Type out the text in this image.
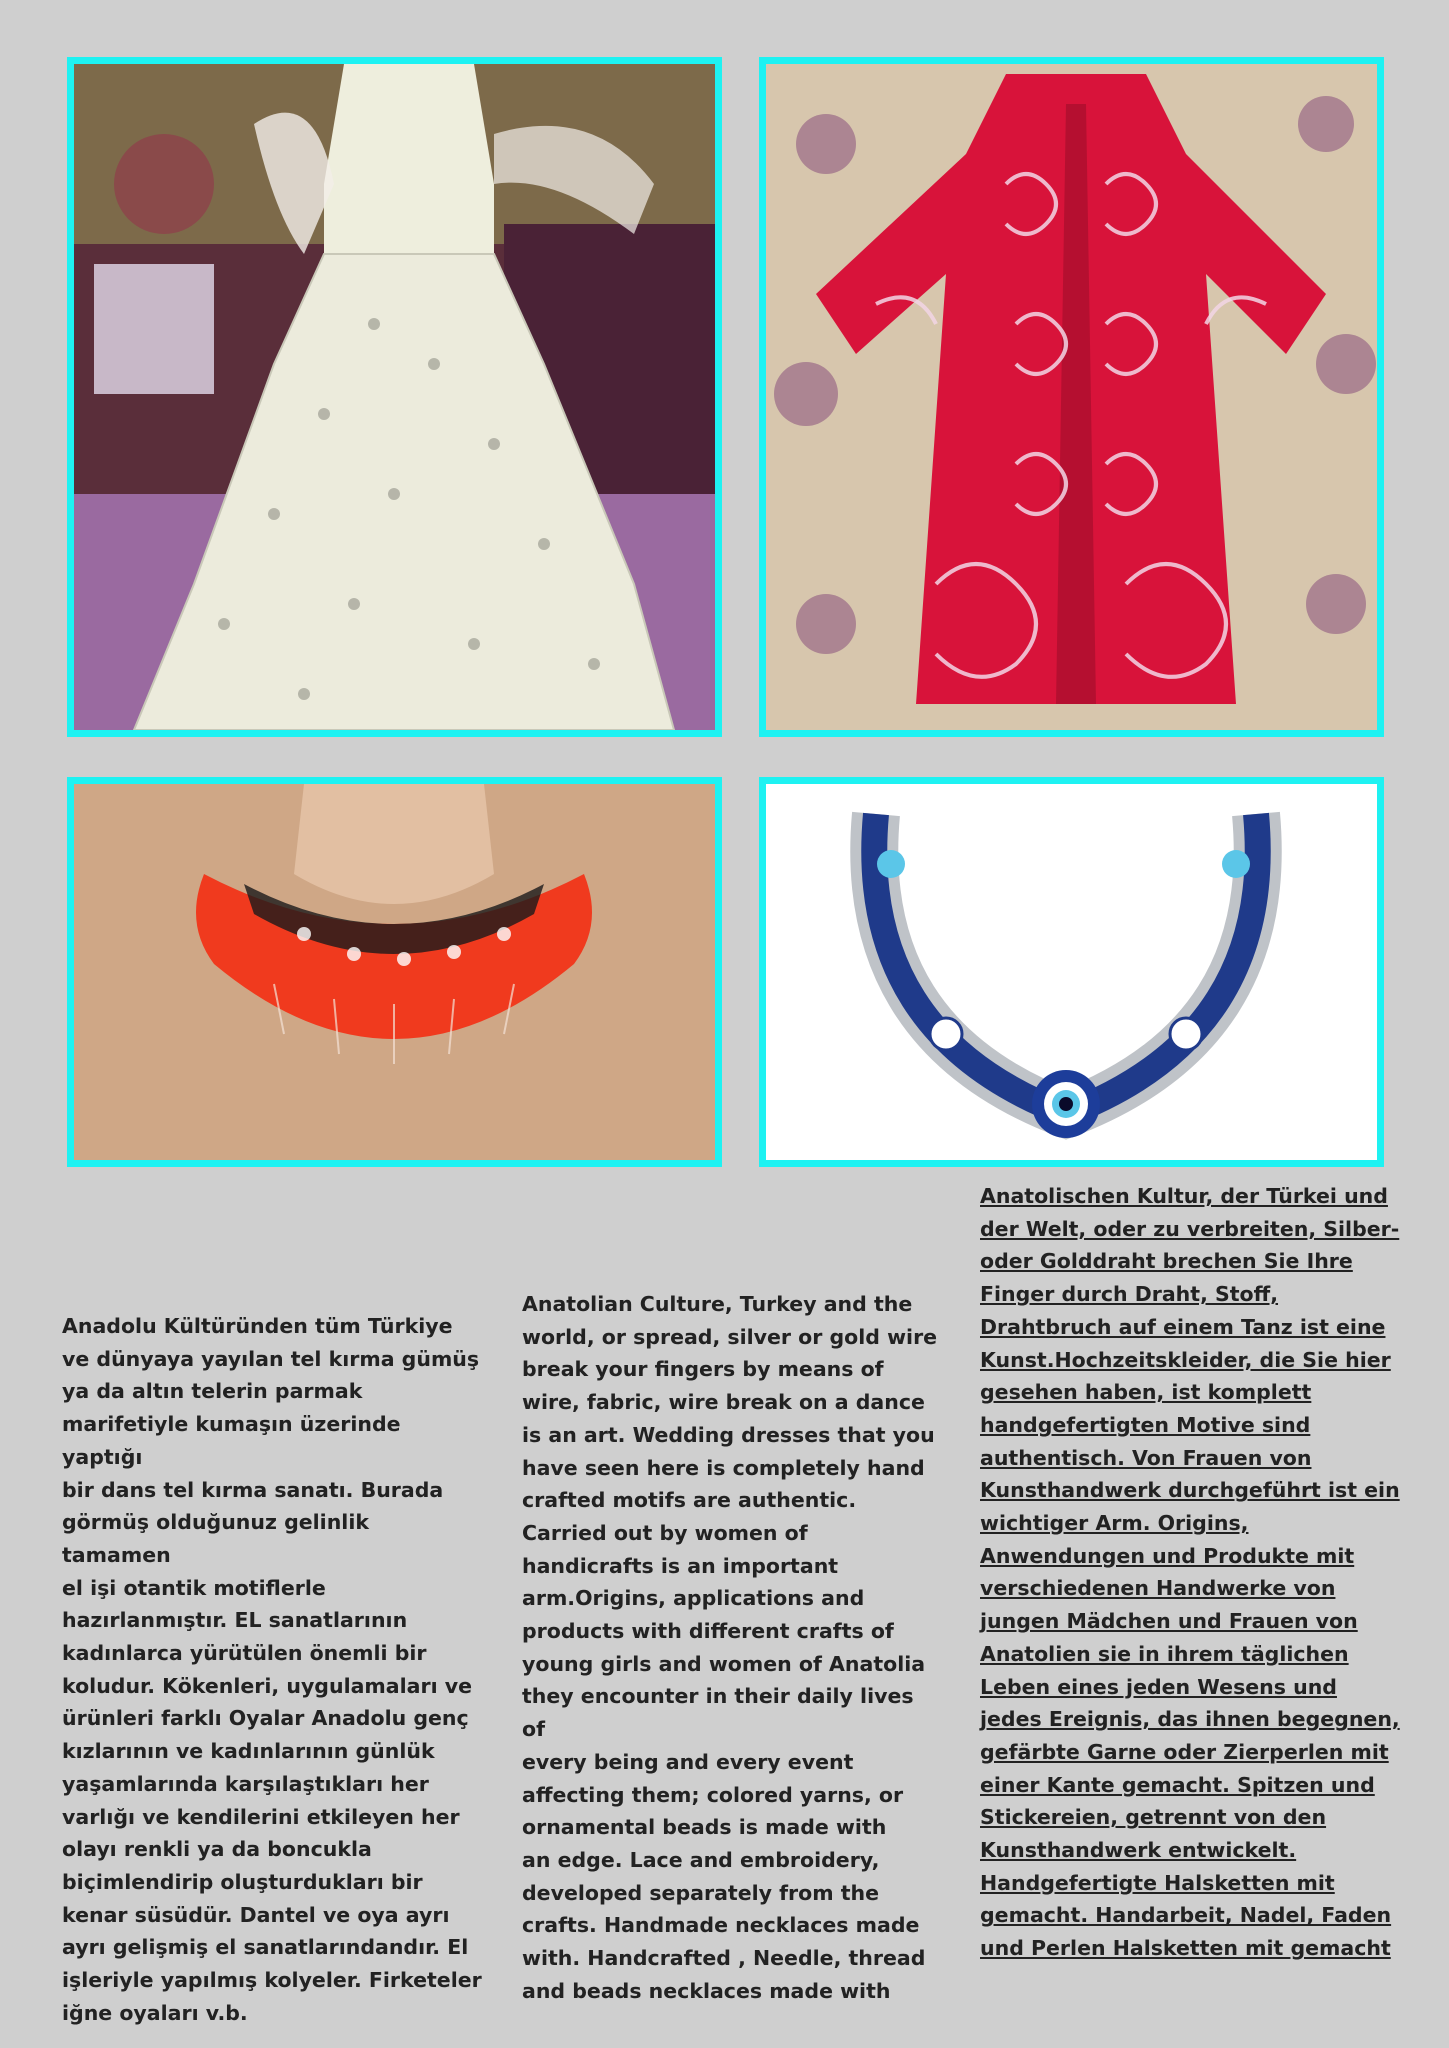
Anadolu Kültüründen tüm Türkiye
ve dünyaya yayılan tel kırma gümüş
ya da altın telerin parmak
marifetiyle kumaşın üzerinde yaptığı
bir dans tel kırma sanatı. Burada
görmüş olduğunuz gelinlik tamamen
el işi otantik motiflerle
hazırlanmıştır. EL sanatlarının
kadınlarca yürütülen önemli bir
koludur. Kökenleri, uygulamaları ve
ürünleri farklı Oyalar Anadolu genç
kızlarının ve kadınlarının günlük
yaşamlarında karşılaştıkları her
varlığı ve kendilerini etkileyen her
olayı renkli ya da boncukla
biçimlendirip oluşturdukları bir
kenar süsüdür. Dantel ve oya ayrı
ayrı gelişmiş el sanatlarındandır. El
işleriyle yapılmış kolyeler. Firketeler
iğne oyaları v.b.

Anatolian Culture, Turkey and the
world, or spread, silver or gold wire
break your fingers by means of
wire, fabric, wire break on a dance
is an art. Wedding dresses that you
have seen here is completely hand
crafted motifs are authentic.
Carried out by women of
handicrafts is an important
arm.Origins, applications and
products with different crafts of
young girls and women of Anatolia
they encounter in their daily lives of
every being and every event
affecting them; colored yarns, or
ornamental beads is made with
an edge. Lace and embroidery,
developed separately from the
crafts. Handmade necklaces made
with. Handcrafted , Needle, thread
and beads necklaces made with

Anatolischen Kultur, der Türkei und
der Welt, oder zu verbreiten, Silber-
oder Golddraht brechen Sie Ihre
Finger durch Draht, Stoff,
Drahtbruch auf einem Tanz ist eine
Kunst.Hochzeitskleider, die Sie hier
gesehen haben, ist komplett
handgefertigten Motive sind
authentisch. Von Frauen von
Kunsthandwerk durchgeführt ist ein
wichtiger Arm. Origins,
Anwendungen und Produkte mit
verschiedenen Handwerke von
jungen Mädchen und Frauen von
Anatolien sie in ihrem täglichen
Leben eines jeden Wesens und
jedes Ereignis, das ihnen begegnen,
gefärbte Garne oder Zierperlen mit
einer Kante gemacht. Spitzen und
Stickereien, getrennt von den
Kunsthandwerk entwickelt.
Handgefertigte Halsketten mit
gemacht. Handarbeit, Nadel, Faden
und Perlen Halsketten mit gemacht
